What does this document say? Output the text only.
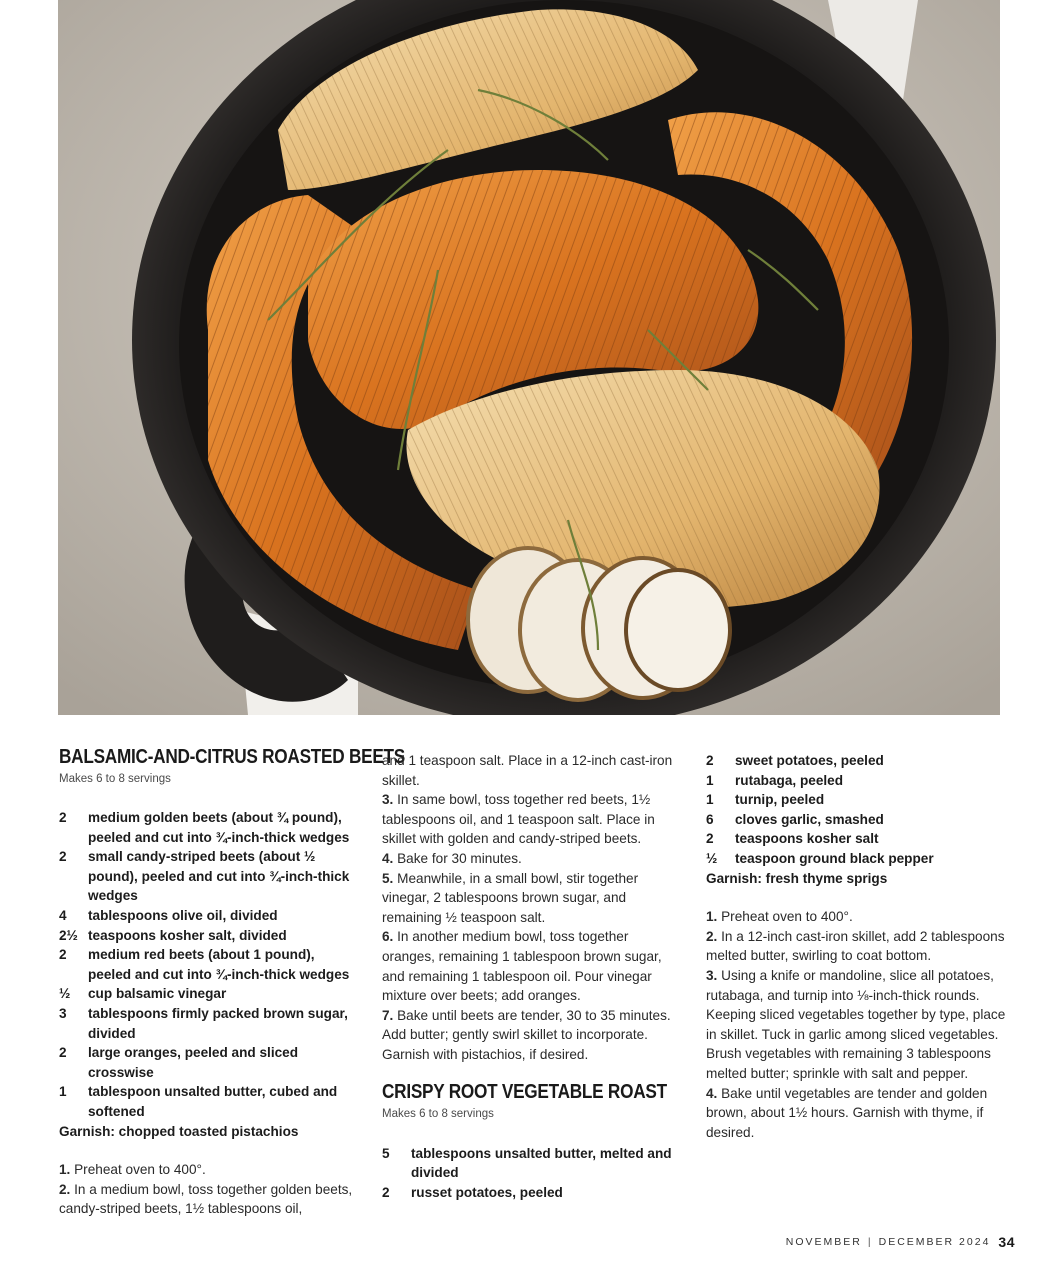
BALSAMIC-AND-CITRUS ROASTED BEETS

Makes 6 to 8 servings

2	medium golden beets (about ¾ pound), peeled and cut into ¾-inch-thick wedges
2	small candy-striped beets (about ½ pound), peeled and cut into ¾-inch-thick wedges
4	tablespoons olive oil, divided
2½ teaspoons kosher salt, divided
2	medium red beets (about 1 pound), peeled and cut into ¾-inch-thick wedges
½	cup balsamic vinegar
3	tablespoons firmly packed brown sugar, divided
2	large oranges, peeled and sliced crosswise
1	tablespoon unsalted butter, cubed and softened

Garnish: chopped toasted pistachios

1. Preheat oven to 400°.

2. In a medium bowl, toss together golden beets, candy-striped beets, 1½ tablespoons oil,

and 1 teaspoon salt. Place in a 12-inch cast-iron skillet.

3. In same bowl, toss together red beets, 1½ tablespoons oil, and 1 teaspoon salt. Place in skillet with golden and candy-striped beets.

4. Bake for 30 minutes.

5. Meanwhile, in a small bowl, stir together vinegar, 2 tablespoons brown sugar, and remaining ½ teaspoon salt.

6. In another medium bowl, toss together oranges, remaining 1 tablespoon brown sugar, and remaining 1 tablespoon oil. Pour vinegar mixture over beets; add oranges.

7. Bake until beets are tender, 30 to 35 minutes. Add butter; gently swirl skillet to incorporate. Garnish with pistachios, if desired.

CRISPY ROOT VEGETABLE ROAST

Makes 6 to 8 servings

5	tablespoons unsalted butter, melted and divided
2	russet potatoes, peeled
2	sweet potatoes, peeled
1	rutabaga, peeled
1	turnip, peeled
6	cloves garlic, smashed
2	teaspoons kosher salt
½	teaspoon ground black pepper

Garnish: fresh thyme sprigs

1. Preheat oven to 400°.

2. In a 12-inch cast-iron skillet, add 2 tablespoons melted butter, swirling to coat bottom.

3. Using a knife or mandoline, slice all potatoes, rutabaga, and turnip into ⅛-inch-thick rounds. Keeping sliced vegetables together by type, place in skillet. Tuck in garlic among sliced vegetables. Brush vegetables with remaining 3 tablespoons melted butter; sprinkle with salt and pepper.

4. Bake until vegetables are tender and golden brown, about 1½ hours. Garnish with thyme, if desired.

NOVEMBER | DECEMBER 2024 34
